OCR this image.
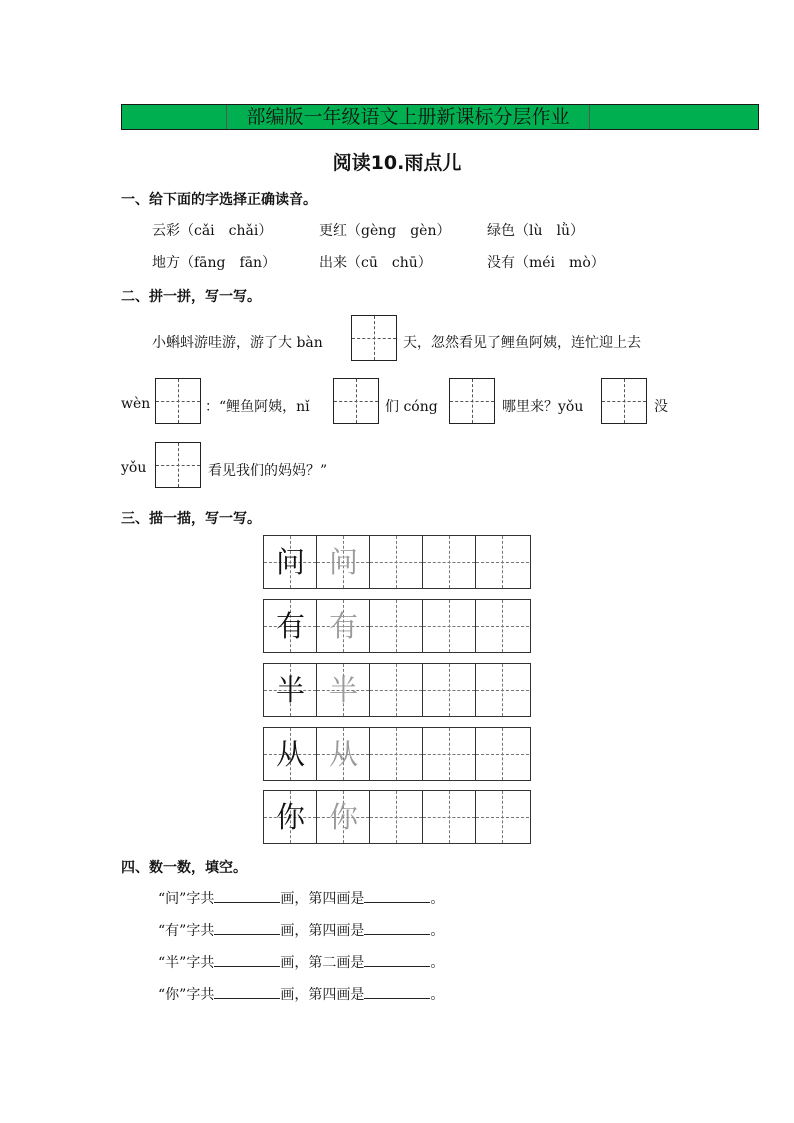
部编版一年级语文上册新课标分层作业
阅读10.雨点儿
一、给下面的字选择正确读音。
云彩（cǎi　chǎi）	更红（gèng　gèn）	绿色（lù　lǜ）
地方（fāng　fān）	出来（cū　chū）	没有（méi　mò）
二、拼一拼，写一写。
小蝌蚪游哇游，游了大 bàn	天，忽然看见了鲤鱼阿姨，连忙迎上去
wèn	：“鲤鱼阿姨，nǐ	们 cóng	哪里来？yǒu	没
yǒu	看见我们的妈妈？”
三、描一描，写一写。
问 问
有 有
半 半
从 从
你 你
四、数一数，填空。
“问”字共	画，第四画是	。
“有”字共	画，第四画是	。
“半”字共	画，第二画是	。
“你”字共	画，第四画是	。
